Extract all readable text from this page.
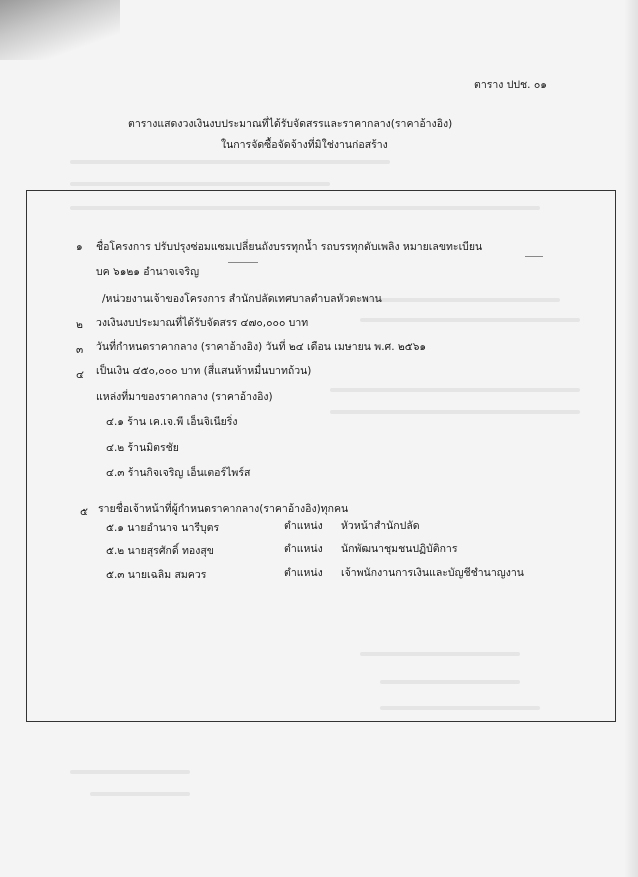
ตาราง ปปช. ๐๑
ตารางแสดงวงเงินงบประมาณที่ได้รับจัดสรรและราคากลาง(ราคาอ้างอิง)
ในการจัดซื้อจัดจ้างที่มิใช่งานก่อสร้าง
๑ ชื่อโครงการ ปรับปรุงซ่อมแซมเปลี่ยนถังบรรทุกน้ำ รถบรรทุกดับเพลิง หมายเลขทะเบียน
บค ๖๑๒๑ อำนาจเจริญ
/หน่วยงานเจ้าของโครงการ สำนักปลัดเทศบาลตำบลหัวตะพาน
๒ วงเงินงบประมาณที่ได้รับจัดสรร ๔๗๐,๐๐๐ บาท
๓ วันที่กำหนดราคากลาง (ราคาอ้างอิง) วันที่ ๒๔ เดือน เมษายน พ.ศ. ๒๕๖๑
๔ เป็นเงิน ๔๕๐,๐๐๐ บาท (สี่แสนห้าหมื่นบาทถ้วน)
แหล่งที่มาของราคากลาง (ราคาอ้างอิง)
๔.๑ ร้าน เค.เจ.พี เอ็นจิเนียริ่ง
๔.๒ ร้านมิตรชัย
๔.๓ ร้านกิจเจริญ เอ็นเตอร์ไพร์ส
๕ รายชื่อเจ้าหน้าที่ผู้กำหนดราคากลาง(ราคาอ้างอิง)ทุกคน
๕.๑ นายอำนาจ นารีบุตร	ตำแหน่ง หัวหน้าสำนักปลัด
๕.๒ นายสุรศักดิ์ ทองสุข	ตำแหน่ง นักพัฒนาชุมชนปฏิบัติการ
๕.๓ นายเฉลิม สมควร	ตำแหน่ง เจ้าพนักงานการเงินและบัญชีชำนาญงาน
